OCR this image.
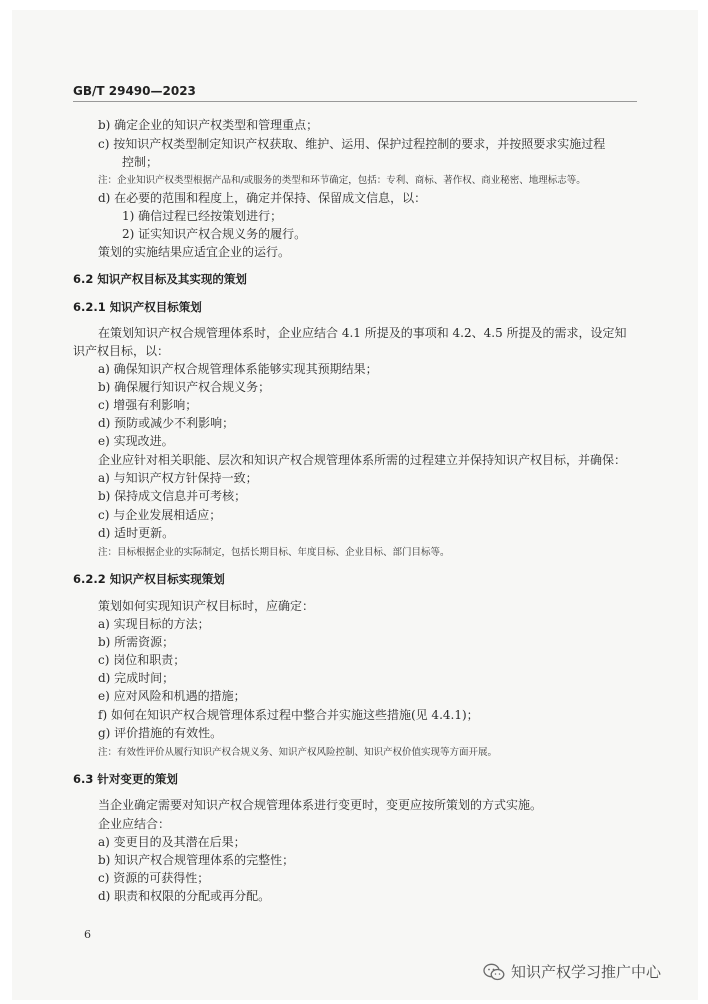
GB/T 29490—2023
b) 确定企业的知识产权类型和管理重点；
c) 按知识产权类型制定知识产权获取、维护、运用、保护过程控制的要求，并按照要求实施过程
控制；
注：企业知识产权类型根据产品和/或服务的类型和环节确定，包括：专利、商标、著作权、商业秘密、地理标志等。
d) 在必要的范围和程度上，确定并保持、保留成文信息，以：
1) 确信过程已经按策划进行；
2) 证实知识产权合规义务的履行。
策划的实施结果应适宜企业的运行。
6.2 知识产权目标及其实现的策划
6.2.1 知识产权目标策划
在策划知识产权合规管理体系时，企业应结合 4.1 所提及的事项和 4.2、4.5 所提及的需求，设定知
识产权目标，以：
a) 确保知识产权合规管理体系能够实现其预期结果；
b) 确保履行知识产权合规义务；
c) 增强有利影响；
d) 预防或减少不利影响；
e) 实现改进。
企业应针对相关职能、层次和知识产权合规管理体系所需的过程建立并保持知识产权目标，并确保：
a) 与知识产权方针保持一致；
b) 保持成文信息并可考核；
c) 与企业发展相适应；
d) 适时更新。
注：目标根据企业的实际制定，包括长期目标、年度目标、企业目标、部门目标等。
6.2.2 知识产权目标实现策划
策划如何实现知识产权目标时，应确定：
a) 实现目标的方法；
b) 所需资源；
c) 岗位和职责；
d) 完成时间；
e) 应对风险和机遇的措施；
f) 如何在知识产权合规管理体系过程中整合并实施这些措施(见 4.4.1)；
g) 评价措施的有效性。
注：有效性评价从履行知识产权合规义务、知识产权风险控制、知识产权价值实现等方面开展。
6.3 针对变更的策划
当企业确定需要对知识产权合规管理体系进行变更时，变更应按所策划的方式实施。
企业应结合：
a) 变更目的及其潜在后果；
b) 知识产权合规管理体系的完整性；
c) 资源的可获得性；
d) 职责和权限的分配或再分配。
6
知识产权学习推广中心
